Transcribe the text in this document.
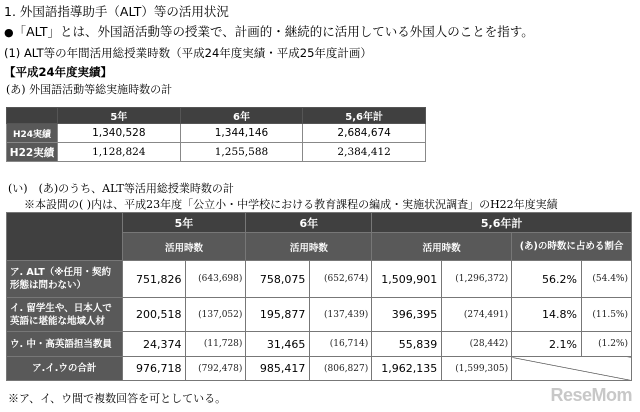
1. 外国語指導助手（ALT）等の活用状況
●「ALT」とは、外国語活動等の授業で、計画的・継続的に活用している外国人のことを指す。
(1) ALT等の年間活用総授業時数（平成24年度実績・平成25年度計画）
【平成24年度実績】
(あ) 外国語活動等総実施時数の計
	5年	6年	5,6年計
H24実績	1,340,528	1,344,146	2,684,674
H22実績	1,128,824	1,255,588	2,384,412
(い)　(あ)のうち、ALT等活用総授業時数の計
※本設問の( )内は、平成23年度「公立小・中学校における教育課程の編成・実施状況調査」のH22年度実績
	5年		6年		5,6年計			
	活用時数		活用時数		活用時数		(あ)の時数に占める割合	
ア. ALT（※任用・契約形態は問わない）	751,826	(643,698)	758,075	(652,674)	1,509,901	(1,296,372)	56.2%	(54.4%)
イ. 留学生や、日本人で英語に堪能な地域人材	200,518	(137,052)	195,877	(137,439)	396,395	(274,491)	14.8%	(11.5%)
ウ. 中・高英語担当教員	24,374	(11,728)	31,465	(16,714)	55,839	(28,442)	2.1%	(1.2%)
ア.イ.ウの合計	976,718	(792,478)	985,417	(806,827)	1,962,135	(1,599,305)		
※ア、イ、ウ間で複数回答を可としている。	ReseMom
